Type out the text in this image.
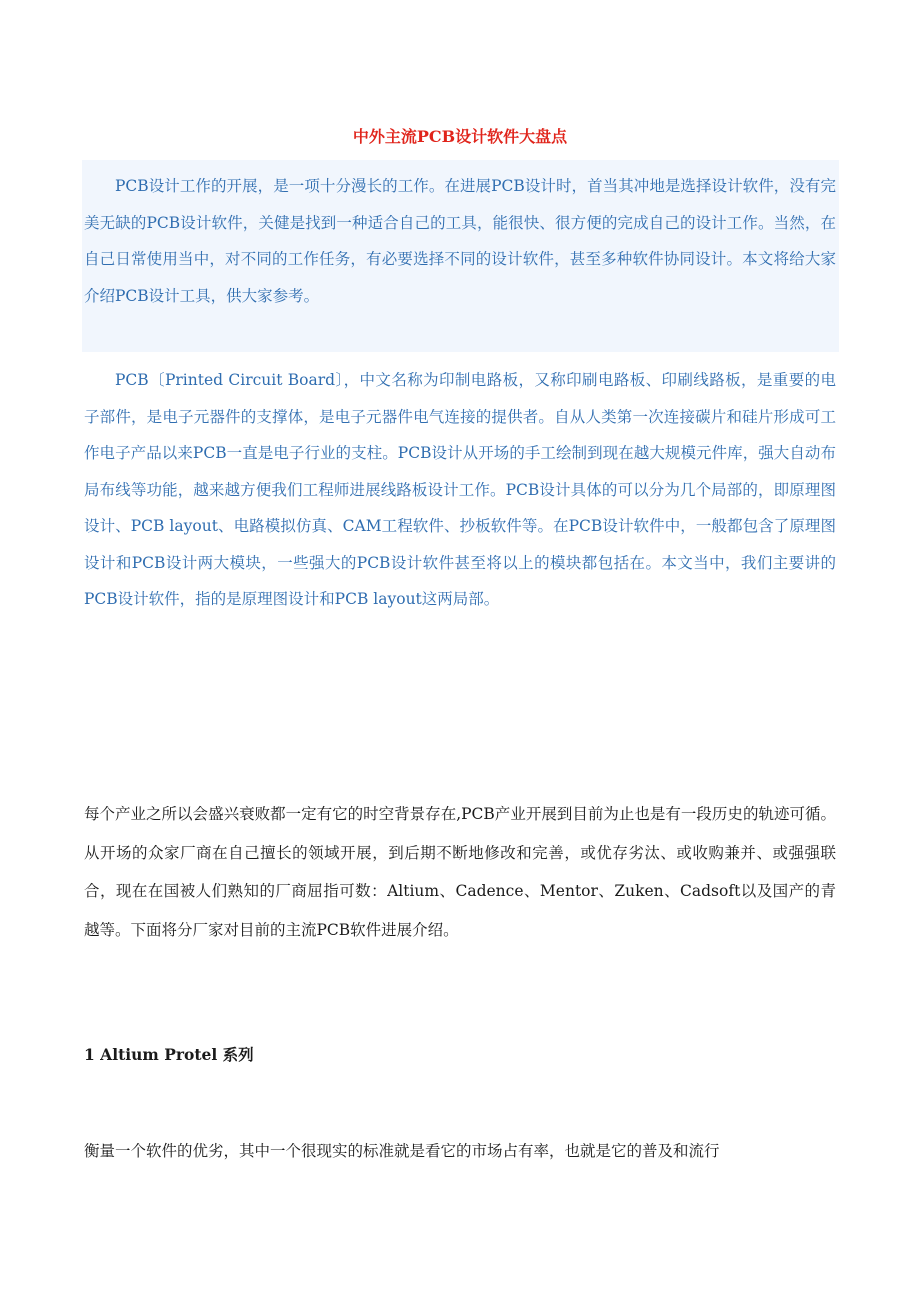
中外主流PCB设计软件大盘点

PCB设计工作的开展，是一项十分漫长的工作。在进展PCB设计时，首当其冲地是选择设计软件，没有完美无缺的PCB设计软件，关健是找到一种适合自己的工具，能很快、很方便的完成自己的设计工作。当然，在自己日常使用当中，对不同的工作任务，有必要选择不同的设计软件，甚至多种软件协同设计。本文将给大家介绍PCB设计工具，供大家参考。

PCB〔Printed Circuit Board〕，中文名称为印制电路板，又称印刷电路板、印刷线路板，是重要的电子部件，是电子元器件的支撑体，是电子元器件电气连接的提供者。自从人类第一次连接碳片和硅片形成可工作电子产品以来PCB一直是电子行业的支柱。PCB设计从开场的手工绘制到现在越大规模元件库，强大自动布局布线等功能，越来越方便我们工程师进展线路板设计工作。PCB设计具体的可以分为几个局部的，即原理图设计、PCB layout、电路模拟仿真、CAM工程软件、抄板软件等。在PCB设计软件中，一般都包含了原理图设计和PCB设计两大模块，一些强大的PCB设计软件甚至将以上的模块都包括在。本文当中，我们主要讲的PCB设计软件，指的是原理图设计和PCB layout这两局部。

每个产业之所以会盛兴衰败都一定有它的时空背景存在,PCB产业开展到目前为止也是有一段历史的轨迹可循。从开场的众家厂商在自己擅长的领域开展，到后期不断地修改和完善，或优存劣汰、或收购兼并、或强强联合，现在在国被人们熟知的厂商屈指可数：Altium、Cadence、Mentor、Zuken、Cadsoft以及国产的青越等。下面将分厂家对目前的主流PCB软件进展介绍。

1 Altium Protel 系列

衡量一个软件的优劣，其中一个很现实的标准就是看它的市场占有率，也就是它的普及和流行
